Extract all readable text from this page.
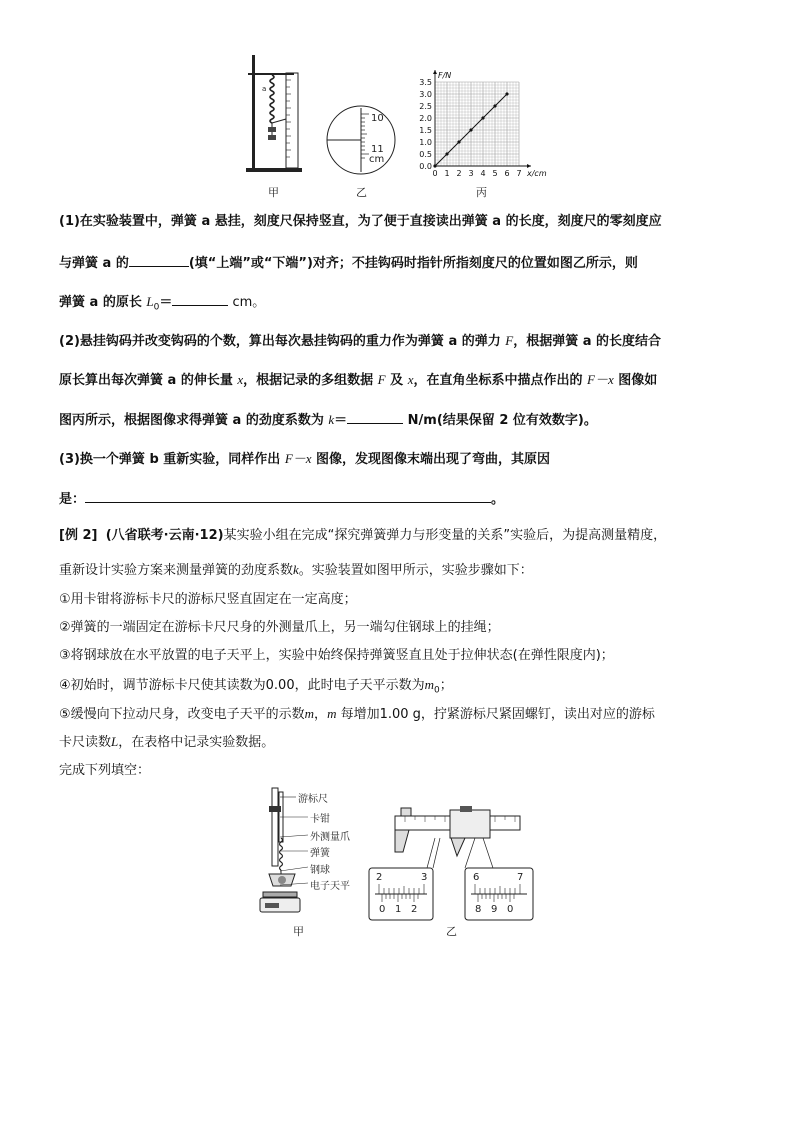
a
甲
10
11
cm
乙
0 1 2 3 4 5 6 7
0.0
0.5
1.0
1.5
2.0
2.5
3.0
3.5
x/cm
F/N
丙
(1)在实验装置中，弹簧 a 悬挂，刻度尺保持竖直，为了便于直接读出弹簧 a 的长度，刻度尺的零刻度应
与弹簧 a 的	(填“上端”或“下端”)对齐；不挂钩码时指针所指刻度尺的位置如图乙所示，则
弹簧 a 的原长 $L_0=$	cm。
(2)悬挂钩码并改变钩码的个数，算出每次悬挂钩码的重力作为弹簧 a 的弹力 F，根据弹簧 a 的长度结合
原长算出每次弹簧 a 的伸长量 x，根据记录的多组数据 F 及 x，在直角坐标系中描点作出的 F－x 图像如
图丙所示，根据图像求得弹簧 a 的劲度系数为 k＝	N/m(结果保留 2 位有效数字)。
(3)换一个弹簧 b 重新实验，同样作出 F－x 图像，发现图像末端出现了弯曲，其原因
是：	。
[例 2] (八省联考·云南·12)某实验小组在完成“探究弹簧弹力与形变量的关系”实验后，为提高测量精度，
重新设计实验方案来测量弹簧的劲度系数k。实验装置如图甲所示，实验步骤如下：
①用卡钳将游标卡尺的游标尺竖直固定在一定高度；
②弹簧的一端固定在游标卡尺尺身的外测量爪上，另一端勾住钢球上的挂绳；
③将钢球放在水平放置的电子天平上，实验中始终保持弹簧竖直且处于拉伸状态(在弹性限度内)；
④初始时，调节游标卡尺使其读数为0.00，此时电子天平示数为$m_0$；
⑤缓慢向下拉动尺身，改变电子天平的示数m，m 每增加1.00 g，拧紧游标尺紧固螺钉，读出对应的游标
卡尺读数L，在表格中记录实验数据。
完成下列填空：
游标尺
卡钳
外测量爪
弹簧
钢球
电子天平
甲
2	3
0 1 2
6	7
8 9 0
乙
